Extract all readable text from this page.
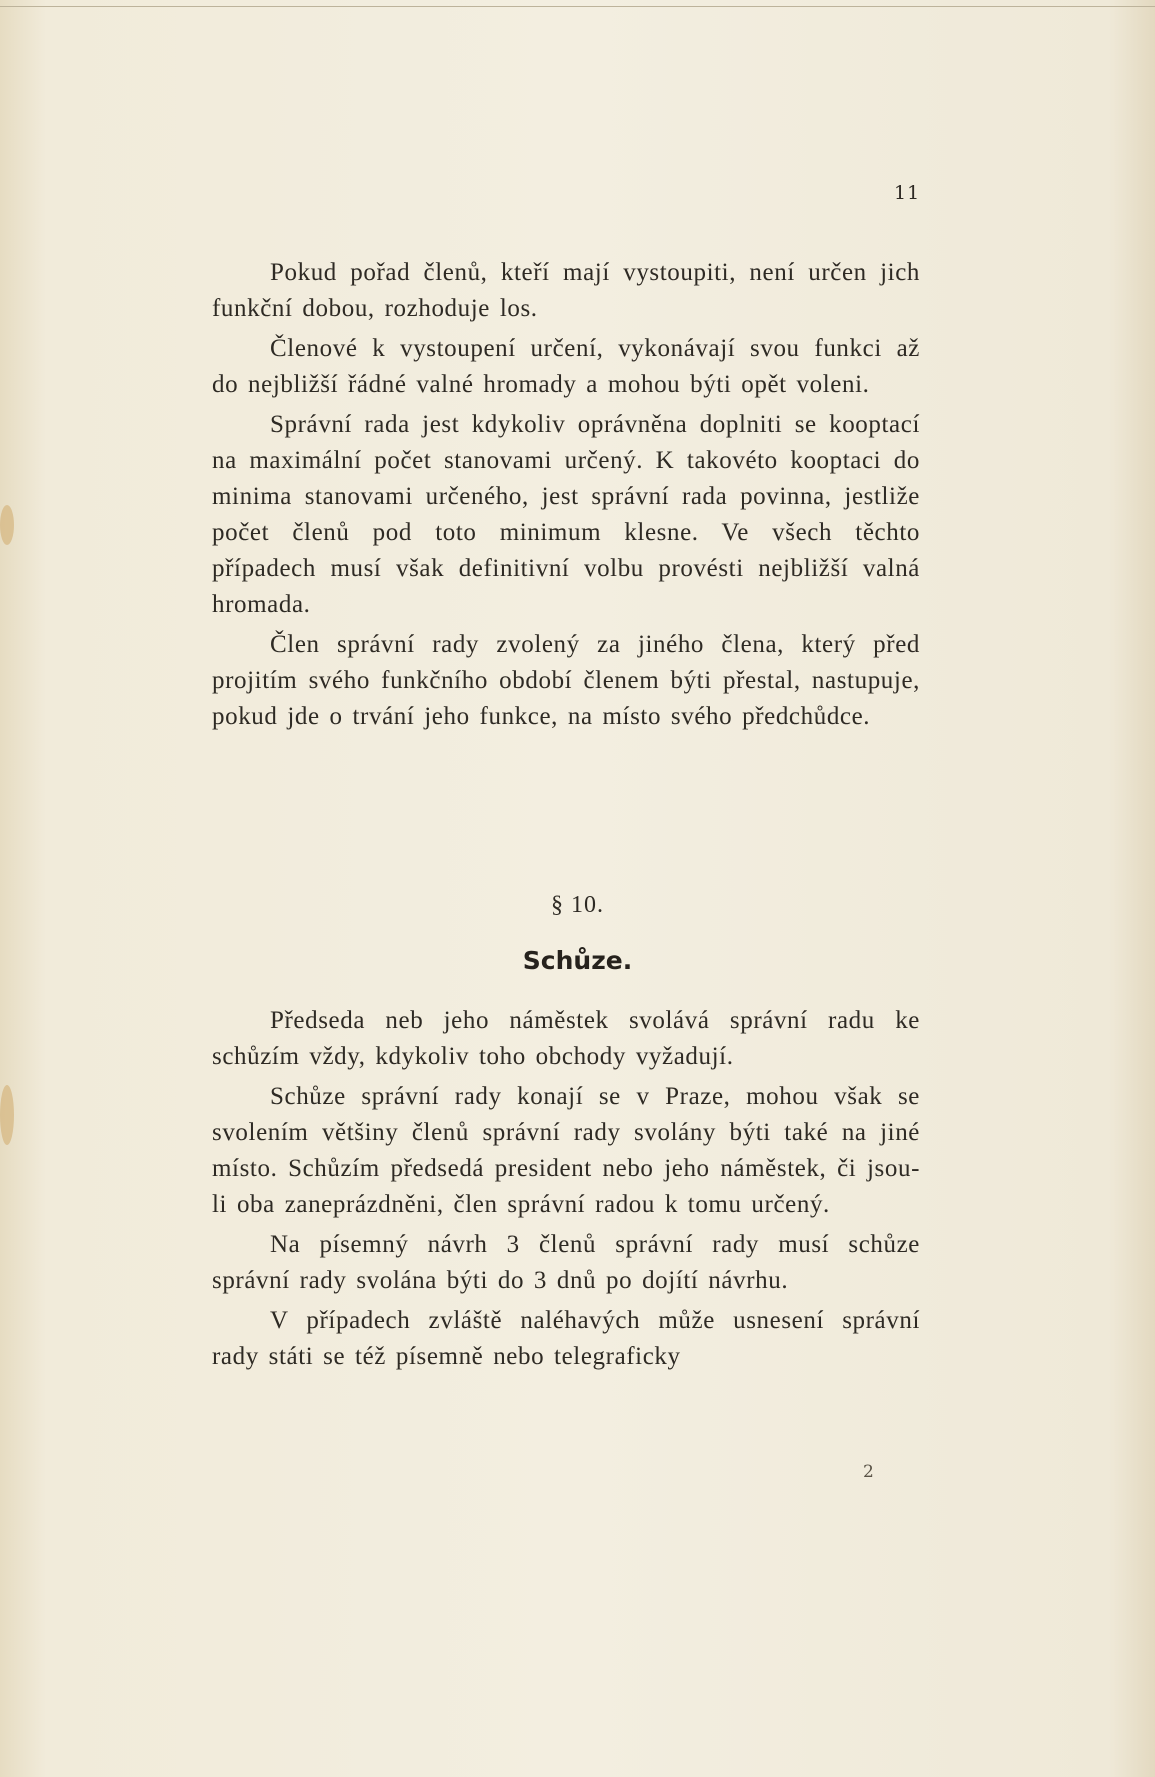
11

Pokud pořad členů, kteří mají vystoupiti, není určen jich funkční dobou, rozhoduje los.

Členové k vystoupení určení, vykonávají svou funkci až do nejbližší řádné valné hromady a mohou býti opět voleni.

Správní rada jest kdykoliv oprávněna doplniti se kooptací na maximální počet stanovami určený. K takovéto kooptaci do minima stanovami určeného, jest správní rada povinna, jestliže počet členů pod toto minimum klesne. Ve všech těchto případech musí však definitivní volbu provésti nejbližší valná hromada.

Člen správní rady zvolený za jiného člena, který před projitím svého funkčního období členem býti přestal, nastupuje, pokud jde o trvání jeho funkce, na místo svého předchůdce.

§ 10.
Schůze.

Předseda neb jeho náměstek svolává správní radu ke schůzím vždy, kdykoliv toho obchody vyžadují.

Schůze správní rady konají se v Praze, mohou však se svolením většiny členů správní rady svolány býti také na jiné místo. Schůzím předsedá president nebo jeho náměstek, či jsou-li oba zaneprázdněni, člen správní radou k tomu určený.

Na písemný návrh 3 členů správní rady musí schůze správní rady svolána býti do 3 dnů po dojítí návrhu.

V případech zvláště naléhavých může usnesení správní rady státi se též písemně nebo telegraficky

2
